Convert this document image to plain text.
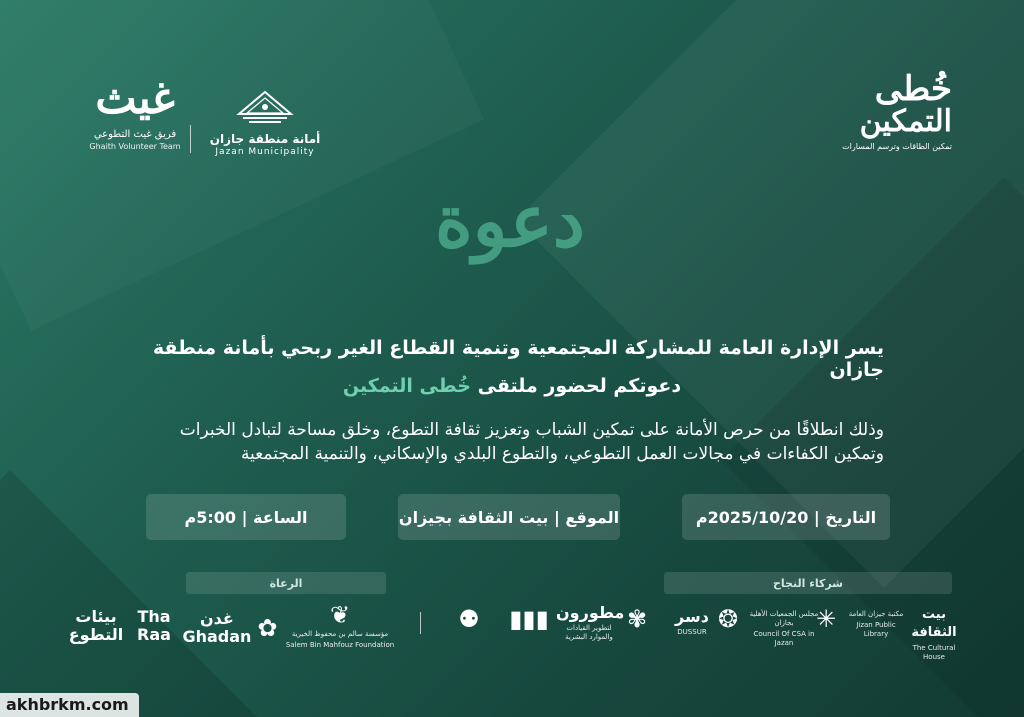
ﻏﻴﺚ
فريق غيث التطوعي
Ghaith Volunteer Team
أمانة منطقة جازان
Jazan Municipality
خُطى
التمكين
تمكين الطاقات وترسم المسارات
دعوة
يسر الإدارة العامة للمشاركة المجتمعية وتنمية القطاع الغير ربحي بأمانة منطقة جازان
دعوتكم لحضور ملتقى خُطى التمكين
وذلك انطلاقًا من حرص الأمانة على تمكين الشباب وتعزيز ثقافة التطوع، وخلق مساحة لتبادل الخبرات
وتمكين الكفاءات في مجالات العمل التطوعي، والتطوع البلدي والإسكاني، والتنمية المجتمعية
التاريخ | 2025/10/20م
الموقع | بيت الثقافة بجيزان
الساعة | 5:00م
الرعاة	شركاء النجاح
❦
مؤسسة سالم بن محفوظ الخيرية
Salem Bin Mahfouz Foundation
غدن
Ghadan ✿
Tha
Raa
بيئات
التطوع
⚉	▮▮▮ مطورون
لتطوير القيادات والموارد البشرية
✾	دسر
DUSSUR ❂	مجلس الجمعيات الأهلية بجازان
Council Of CSA in Jazan
✳	مكتبة جيزان العامة
Jizan Public Library
بيت الثقافة
The Cultural House
akhbrkm.com
